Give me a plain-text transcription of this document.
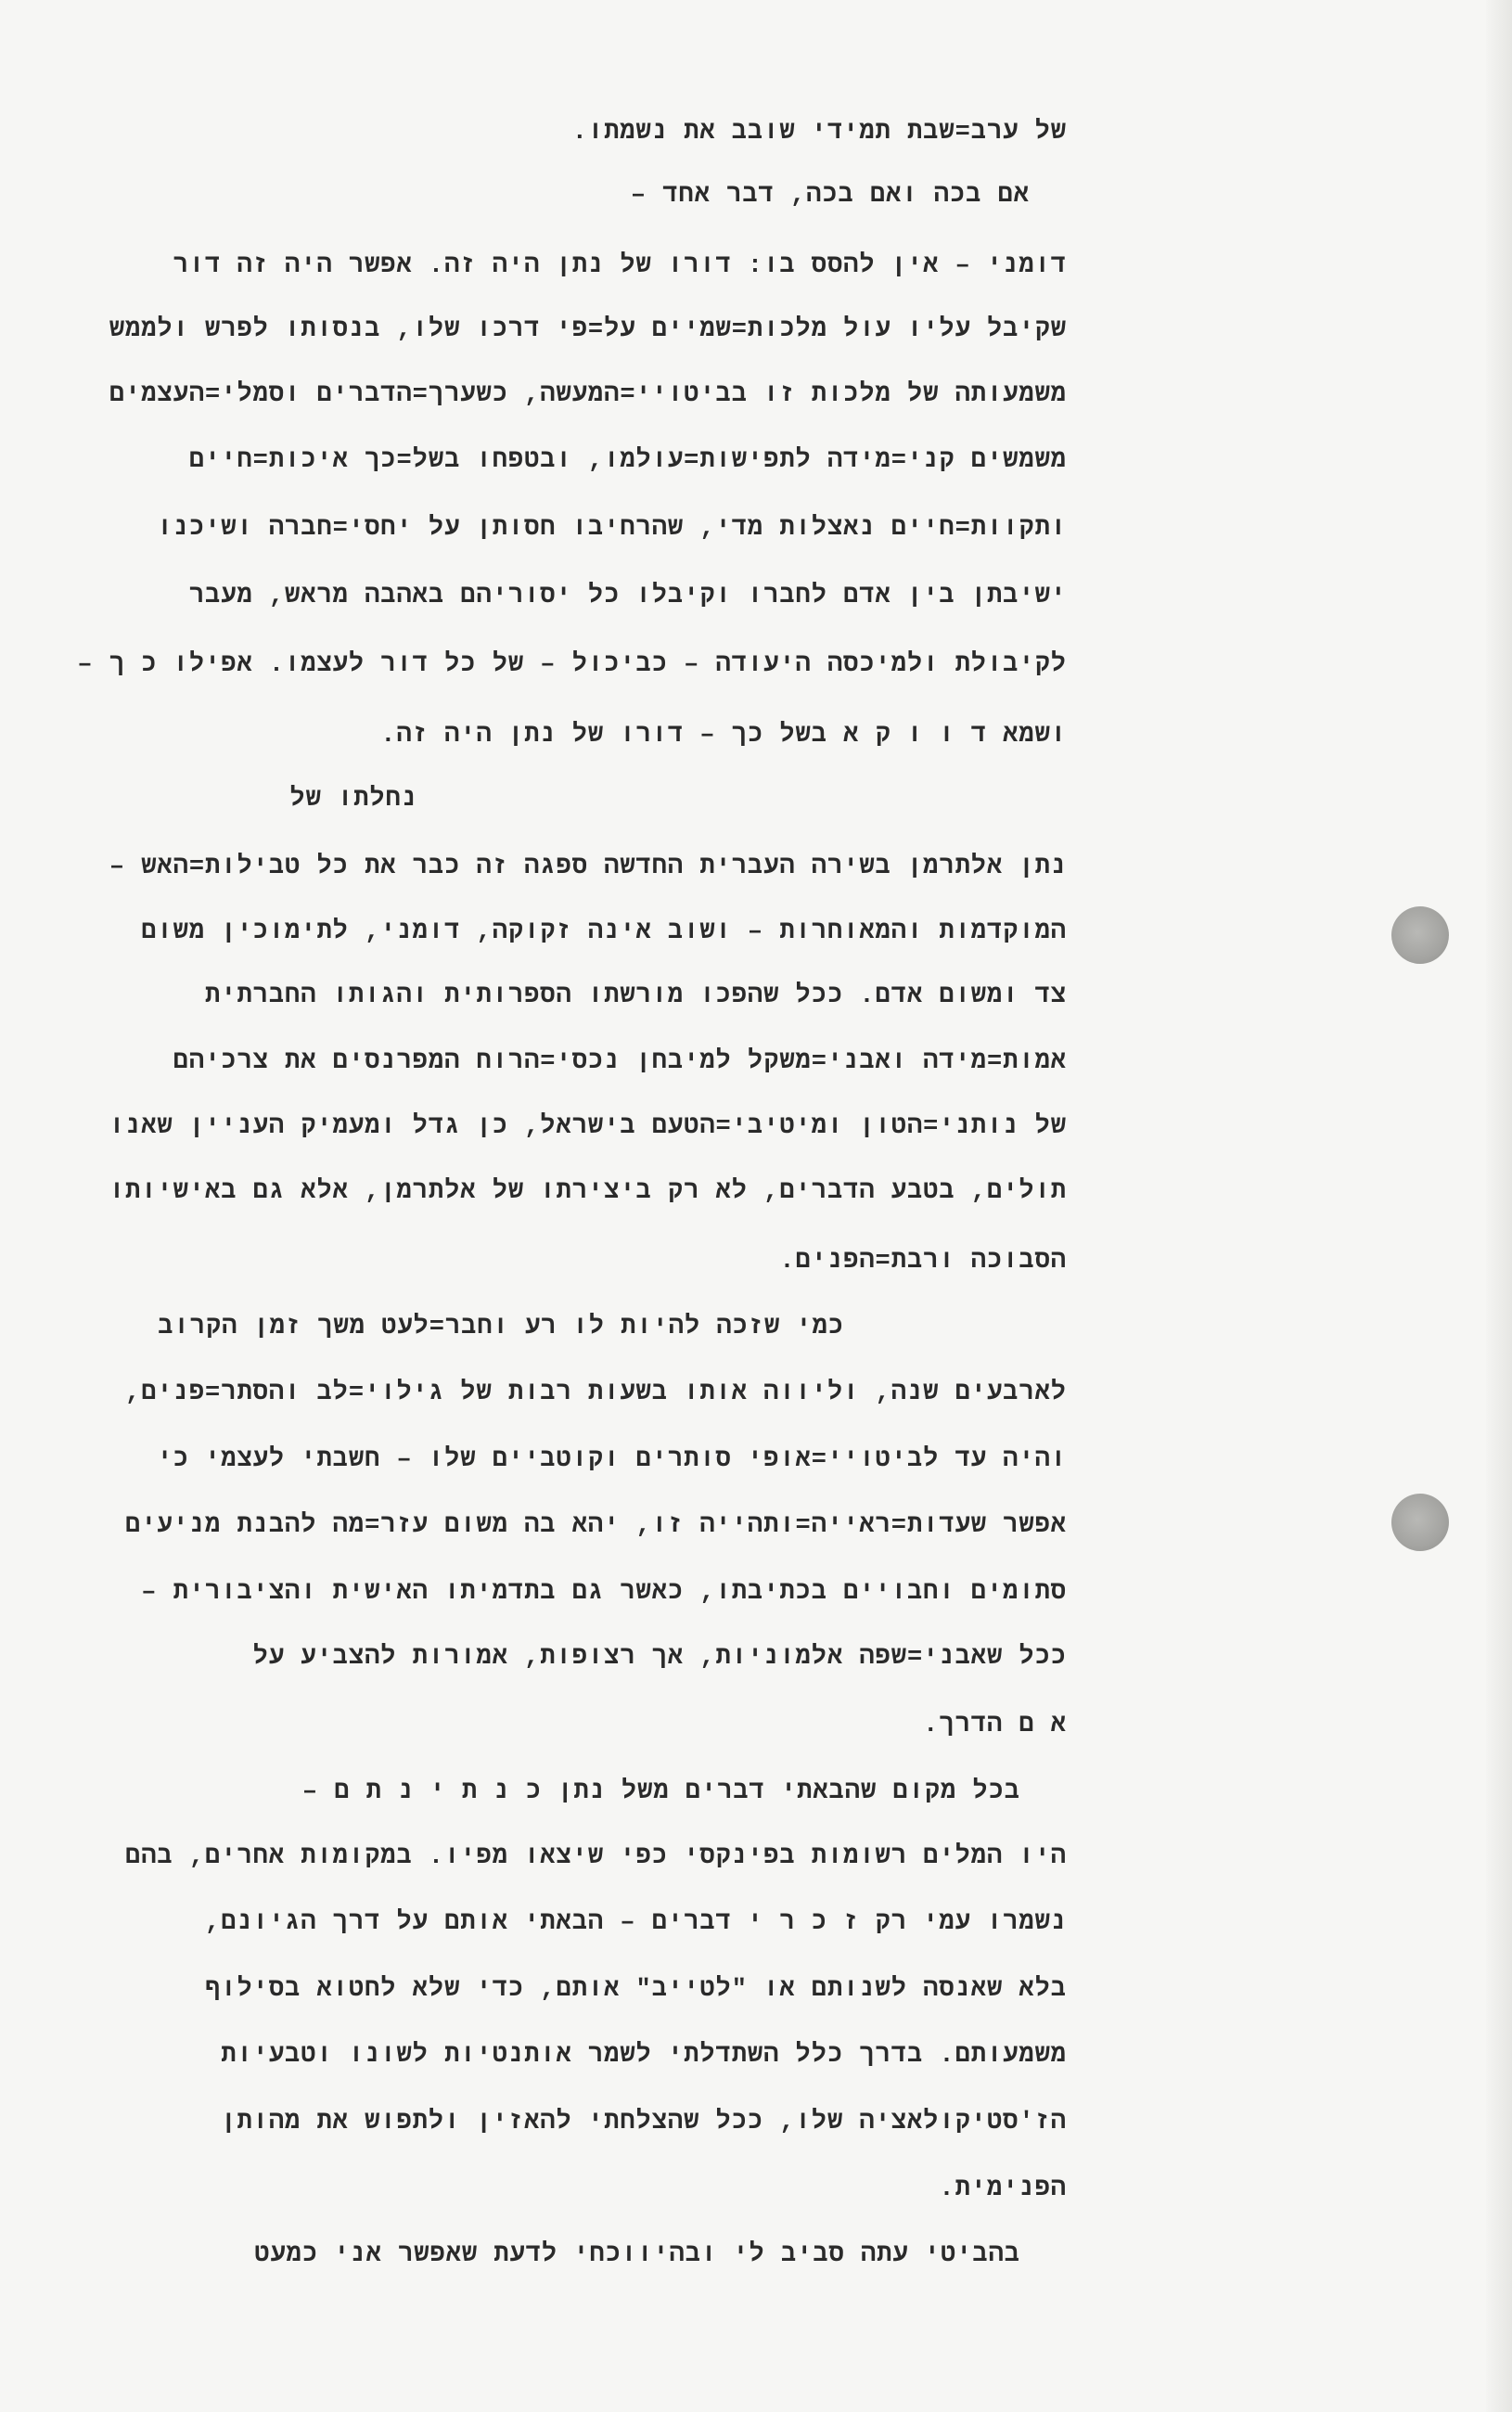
של ערב=שבת תמידי שובב את נשמתו.
אם בכה ואם בכה, דבר אחד –
דומני – אין להסס בו: דורו של נתן היה זה. אפשר היה זה דור
שקיבל עליו עול מלכות=שמיים על=פי דרכו שלו, בנסותו לפרש ולממש
משמעותה של מלכות זו בביטויי=המעשה, כשערך=הדברים וסמלי=העצמים
משמשים קני=מידה לתפישות=עולמו, ובטפחו בשל=כך איכות=חיים
ותקוות=חיים נאצלות מדי, שהרחיבו חסותן על יחסי=חברה ושיכנו
ישיבתן בין אדם לחברו וקיבלו כל יסוריהם באהבה מראש, מעבר
לקיבולת ולמיכסה היעודה – כביכול – של כל דור לעצמו. אפילו כ ך –
ושמא ד ו ו ק א בשל כך – דורו של נתן היה זה.
נחלתו של
נתן אלתרמן בשירה העברית החדשה ספגה זה כבר את כל טבילות=האש –
המוקדמות והמאוחרות – ושוב אינה זקוקה, דומני, לתימוכין משום
צד ומשום אדם. ככל שהפכו מורשתו הספרותית והגותו החברתית
אמות=מידה ואבני=משקל למיבחן נכסי=הרוח המפרנסים את צרכיהם
של נותני=הטון ומיטיבי=הטעם בישראל, כן גדל ומעמיק העניין שאנו
תולים, בטבע הדברים, לא רק ביצירתו של אלתרמן, אלא גם באישיותו
הסבוכה ורבת=הפנים.
כמי שזכה להיות לו רע וחבר=לעט משך זמן הקרוב
לארבעים שנה, וליווה אותו בשעות רבות של גילוי=לב והסתר=פנים,
והיה עד לביטויי=אופי סותרים וקוטביים שלו – חשבתי לעצמי כי
אפשר שעדות=ראייה=ותהייה זו, יהא בה משום עזר=מה להבנת מניעים
סתומים וחבויים בכתיבתו, כאשר גם בתדמיתו האישית והציבורית –
ככל שאבני=שפה אלמוניות, אך רצופות, אמורות להצביע על
א ם הדרך.
בכל מקום שהבאתי דברים משל נתן כ נ ת י נ ת ם –
היו המלים רשומות בפינקסי כפי שיצאו מפיו. במקומות אחרים, בהם
נשמרו עמי רק ז כ ר י דברים – הבאתי אותם על דרך הגיונם,
בלא שאנסה לשנותם או "לטייב" אותם, כדי שלא לחטוא בסילוף
משמעותם. בדרך כלל השתדלתי לשמר אותנטיות לשונו וטבעיות
הז'סטיקולאציה שלו, ככל שהצלחתי להאזין ולתפוש את מהותן
הפנימית.
בהביטי עתה סביב לי ובהיווכחי לדעת שאפשר אני כמעט
